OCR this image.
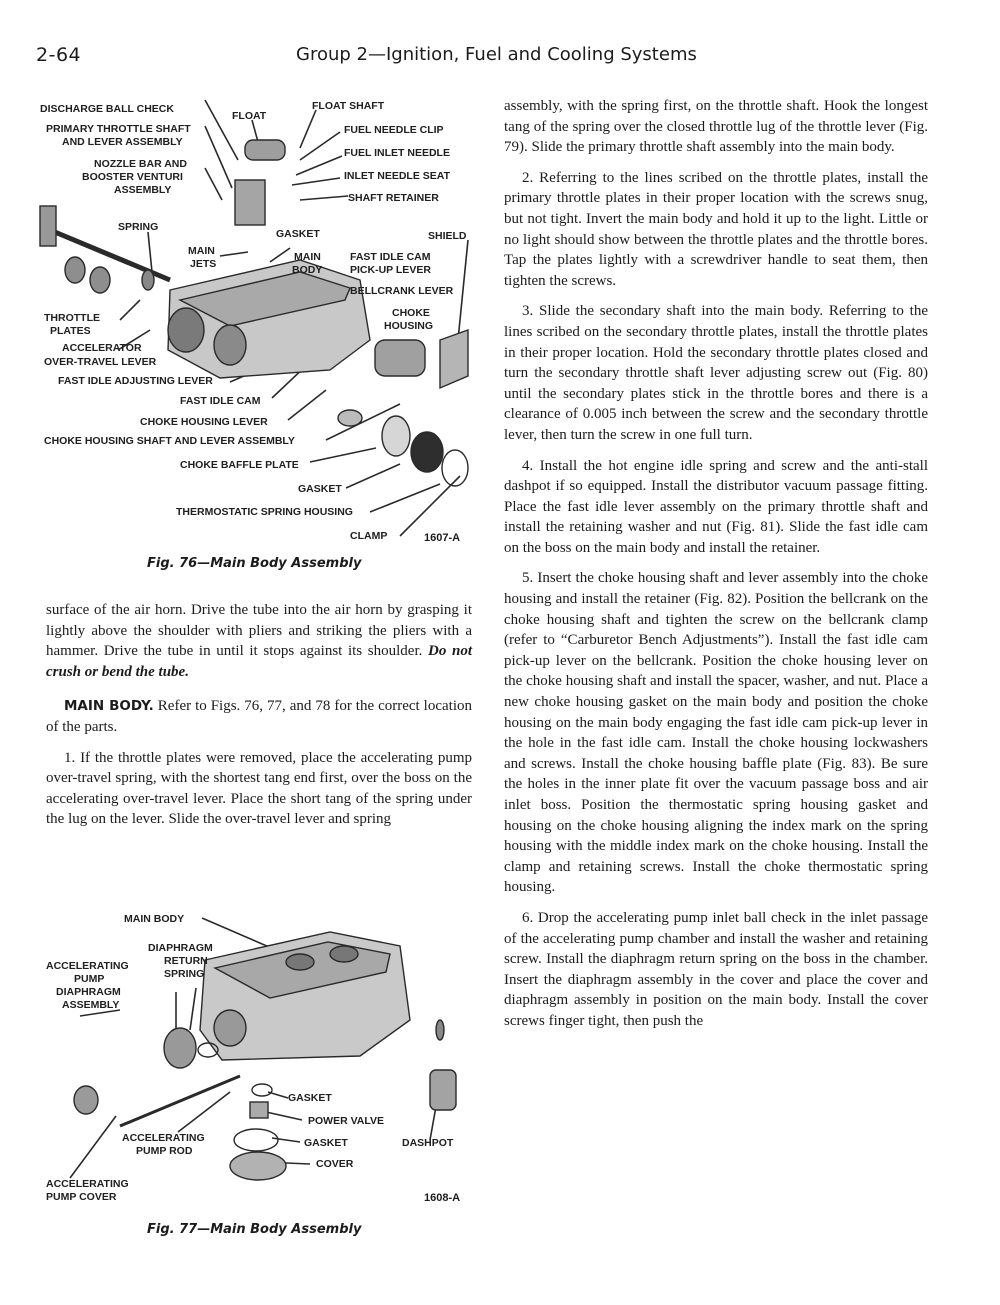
2-64	Group 2—Ignition, Fuel and Cooling Systems
DISCHARGE BALL CHECK
PRIMARY THROTTLE SHAFT
AND LEVER ASSEMBLY
NOZZLE BAR AND
BOOSTER VENTURI
ASSEMBLY
FLOAT
FLOAT SHAFT
FUEL NEEDLE CLIP
FUEL INLET NEEDLE
INLET NEEDLE SEAT
SHAFT RETAINER
SPRING
GASKET	SHIELD
MAIN
JETS
MAIN
BODY
FAST IDLE CAM
PICK-UP LEVER
BELLCRANK LEVER
CHOKE
HOUSING
THROTTLE
PLATES
ACCELERATOR
OVER-TRAVEL LEVER
FAST IDLE ADJUSTING LEVER
FAST IDLE CAM
CHOKE HOUSING LEVER
CHOKE HOUSING SHAFT AND LEVER ASSEMBLY
CHOKE BAFFLE PLATE
GASKET
THERMOSTATIC SPRING HOUSING
CLAMP	1607-A
Fig. 76—Main Body Assembly

surface of the air horn. Drive the tube into the air horn by grasping it lightly above the shoulder with pliers and striking the pliers with a hammer. Drive the tube in until it stops against its shoulder. Do not crush or bend the tube.

MAIN BODY. Refer to Figs. 76, 77, and 78 for the correct location of the parts.

1. If the throttle plates were removed, place the accelerating pump over-travel spring, with the shortest tang end first, over the boss on the accelerating over-travel lever. Place the short tang of the spring under the lug on the lever. Slide the over-travel lever and spring

MAIN BODY
DIAPHRAGM
RETURN
SPRING
ACCELERATING
PUMP
DIAPHRAGM
ASSEMBLY
GASKET
POWER VALVE
GASKET
ACCELERATING
PUMP ROD
COVER
DASHPOT
ACCELERATING
PUMP COVER	1608-A
Fig. 77—Main Body Assembly

assembly, with the spring first, on the throttle shaft. Hook the longest tang of the spring over the closed throttle lug of the throttle lever (Fig. 79). Slide the primary throttle shaft assembly into the main body.

2. Referring to the lines scribed on the throttle plates, install the primary throttle plates in their proper location with the screws snug, but not tight. Invert the main body and hold it up to the light. Little or no light should show between the throttle plates and the throttle bores. Tap the plates lightly with a screwdriver handle to seat them, then tighten the screws.

3. Slide the secondary shaft into the main body. Referring to the lines scribed on the secondary throttle plates, install the throttle plates in their proper location. Hold the secondary throttle plates closed and turn the secondary throttle shaft lever adjusting screw out (Fig. 80) until the secondary plates stick in the throttle bores and there is a clearance of 0.005 inch between the screw and the secondary throttle lever, then turn the screw in one full turn.

4. Install the hot engine idle spring and screw and the anti-stall dashpot if so equipped. Install the distributor vacuum passage fitting. Place the fast idle lever assembly on the primary throttle shaft and install the retaining washer and nut (Fig. 81). Slide the fast idle cam on the boss on the main body and install the retainer.

5. Insert the choke housing shaft and lever assembly into the choke housing and install the retainer (Fig. 82). Position the bellcrank on the choke housing shaft and tighten the screw on the bellcrank clamp (refer to “Carburetor Bench Adjustments”). Install the fast idle cam pick-up lever on the bellcrank. Position the choke housing lever on the choke housing shaft and install the spacer, washer, and nut. Place a new choke housing gasket on the main body and position the choke housing on the main body engaging the fast idle cam pick-up lever in the hole in the fast idle cam. Install the choke housing lockwashers and screws. Install the choke housing baffle plate (Fig. 83). Be sure the holes in the inner plate fit over the vacuum passage boss and air inlet boss. Position the thermostatic spring housing gasket and housing on the choke housing aligning the index mark on the spring housing with the middle index mark on the choke housing. Install the clamp and retaining screws. Install the choke thermostatic spring housing.

6. Drop the accelerating pump inlet ball check in the inlet passage of the accelerating pump chamber and install the washer and retaining screw. Install the diaphragm return spring on the boss in the chamber. Insert the diaphragm assembly in the cover and place the cover and diaphragm assembly in position on the main body. Install the cover screws finger tight, then push the
